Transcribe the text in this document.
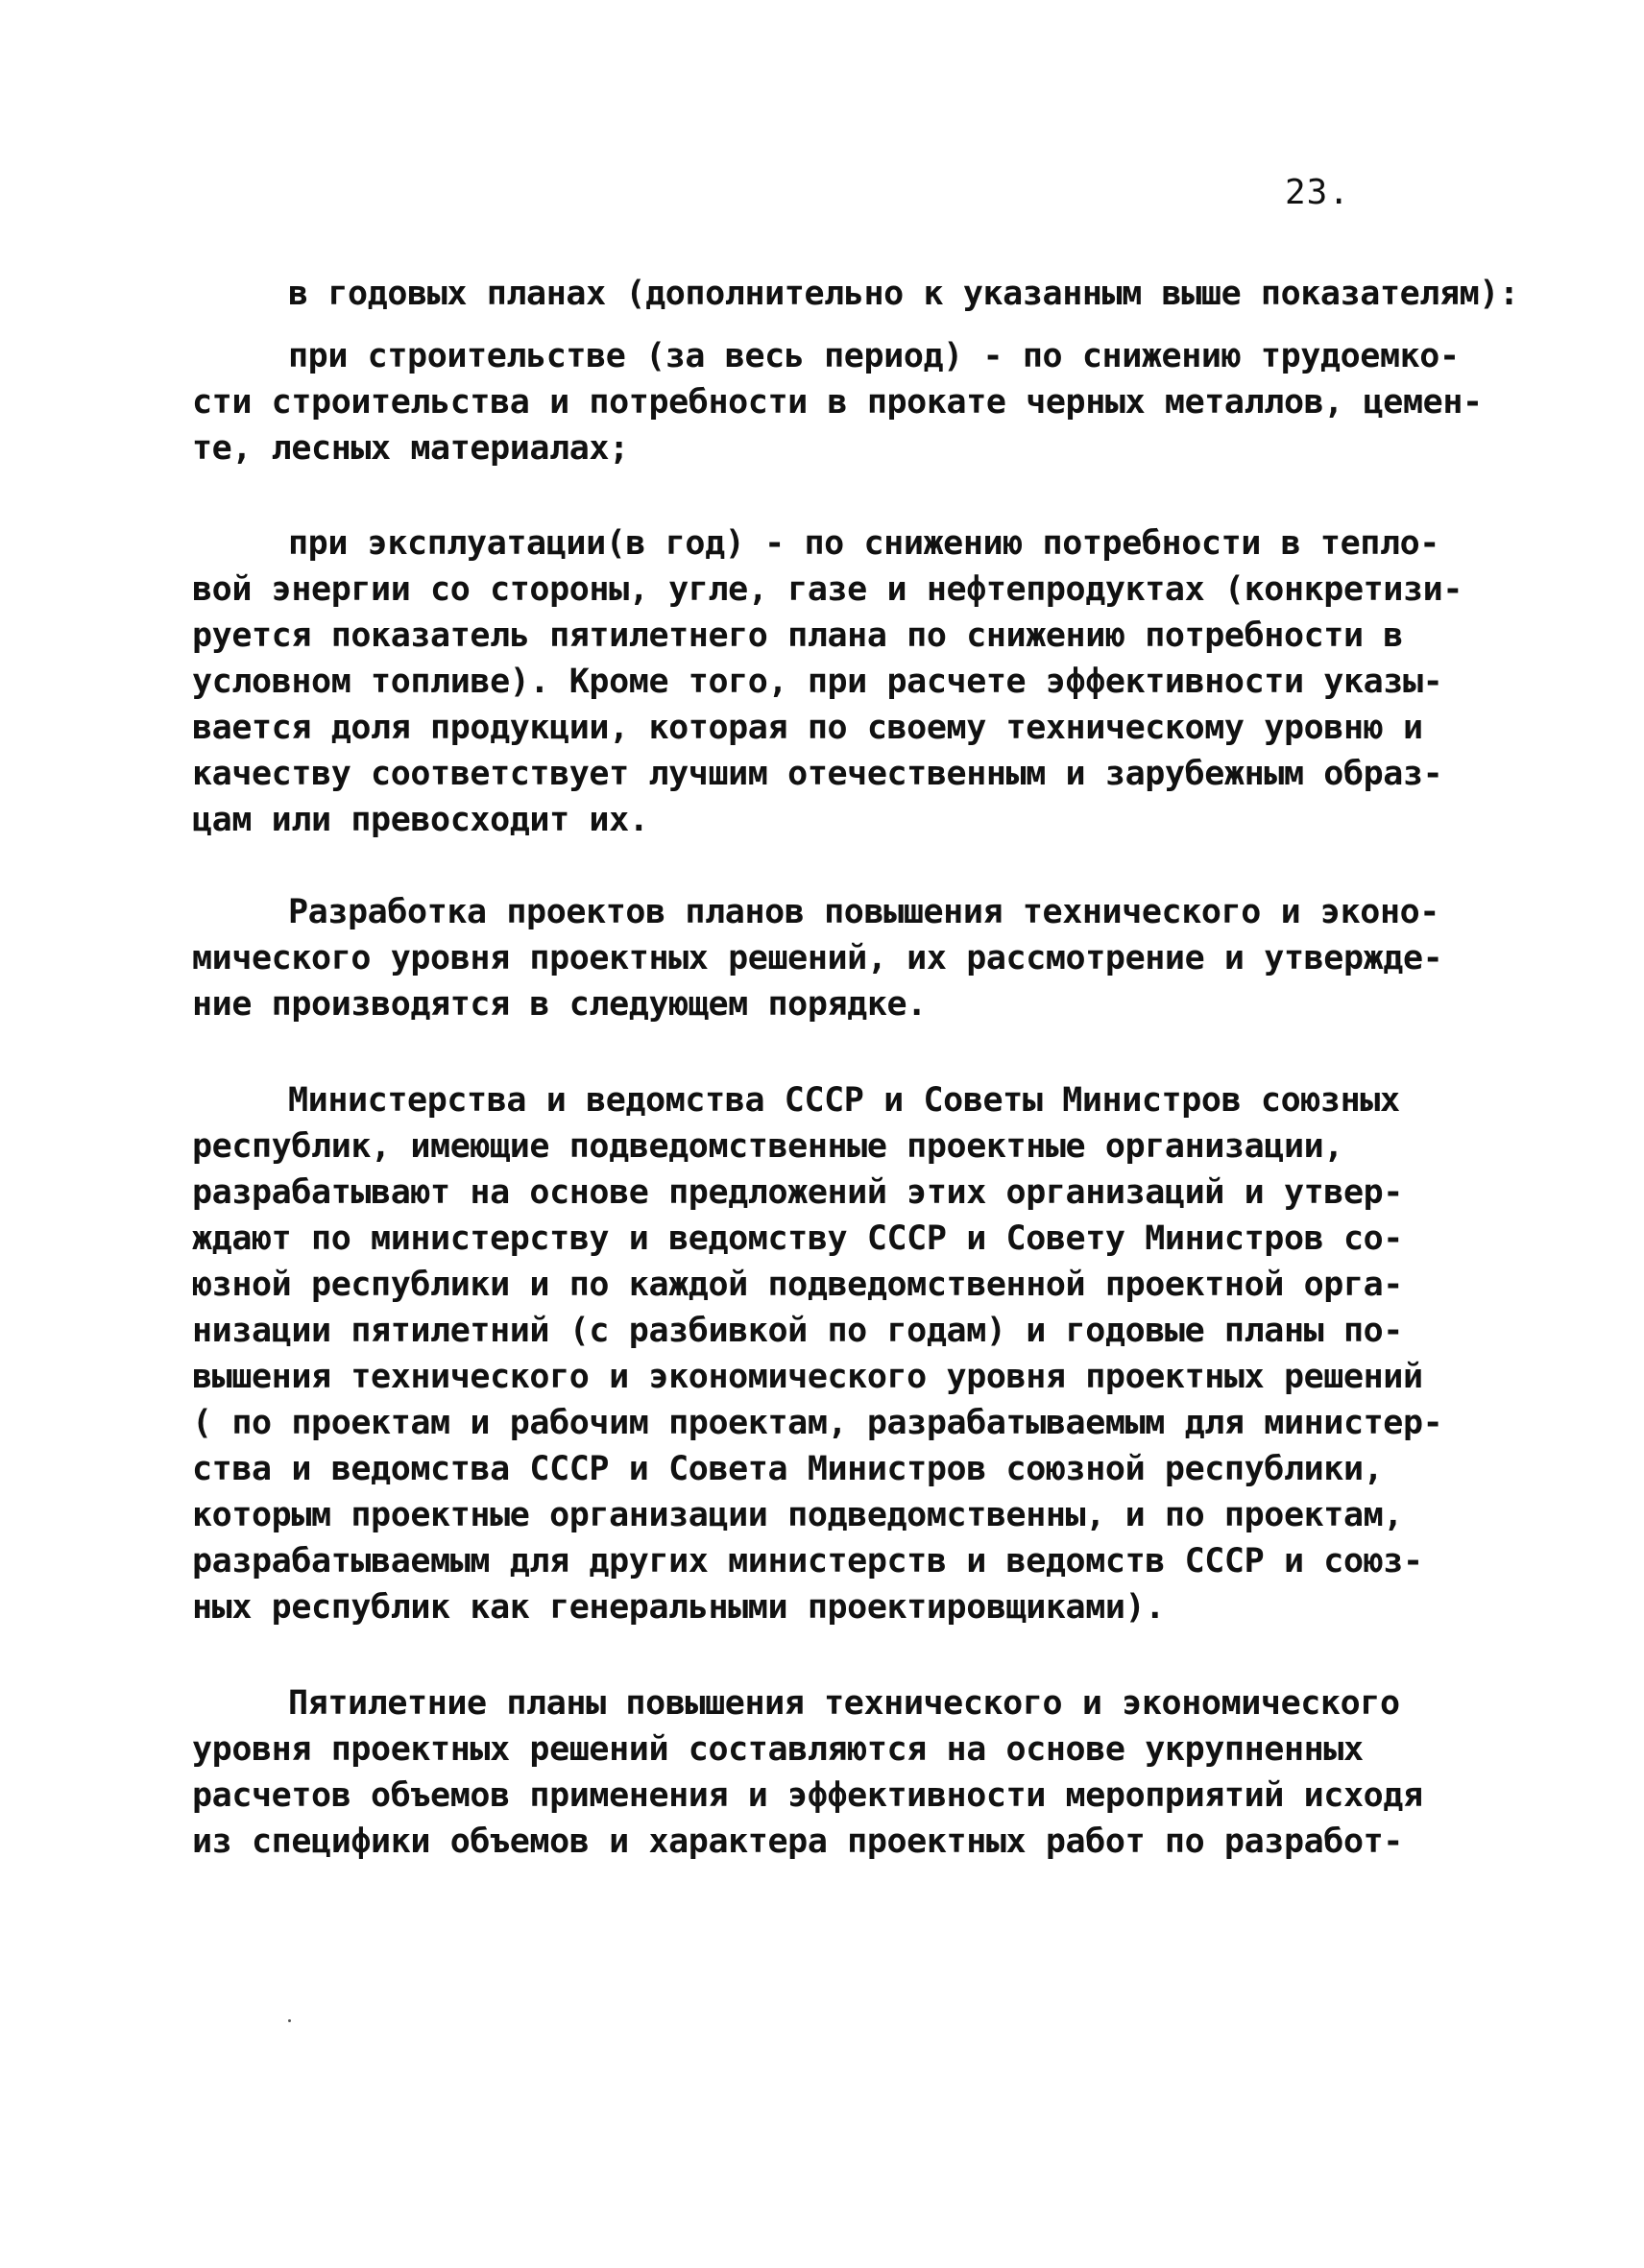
23.
в годовых планах (дополнительно к указанным выше показателям):
при строительстве (за весь период) - по снижению трудоемко-
сти строительства и потребности в прокате черных металлов, цемен-
те, лесных материалах;
при эксплуатации(в год) - по снижению потребности в тепло-
вой энергии со стороны, угле, газе и нефтепродуктах (конкретизи-
руется показатель пятилетнего плана по снижению потребности в
условном топливе). Кроме того, при расчете эффективности указы-
вается доля продукции, которая по своему техническому уровню и
качеству соответствует лучшим отечественным и зарубежным образ-
цам или превосходит их.
Разработка проектов планов повышения технического и эконо-
мического уровня проектных решений, их рассмотрение и утвержде-
ние производятся в следующем порядке.
Министерства и ведомства СССР и Советы Министров союзных
республик, имеющие подведомственные проектные организации,
разрабатывают на основе предложений этих организаций и утвер-
ждают по министерству и ведомству СССР и Совету Министров со-
юзной республики и по каждой подведомственной проектной орга-
низации пятилетний (с разбивкой по годам) и годовые планы по-
вышения технического и экономического уровня проектных решений
( по проектам и рабочим проектам, разрабатываемым для министер-
ства и ведомства СССР и Совета Министров союзной республики,
которым проектные организации подведомственны, и по проектам,
разрабатываемым для других министерств и ведомств СССР и союз-
ных республик как генеральными проектировщиками).
Пятилетние планы повышения технического и экономического
уровня проектных решений составляются на основе укрупненных
расчетов объемов применения и эффективности мероприятий исходя
из специфики объемов и характера проектных работ по разработ-
